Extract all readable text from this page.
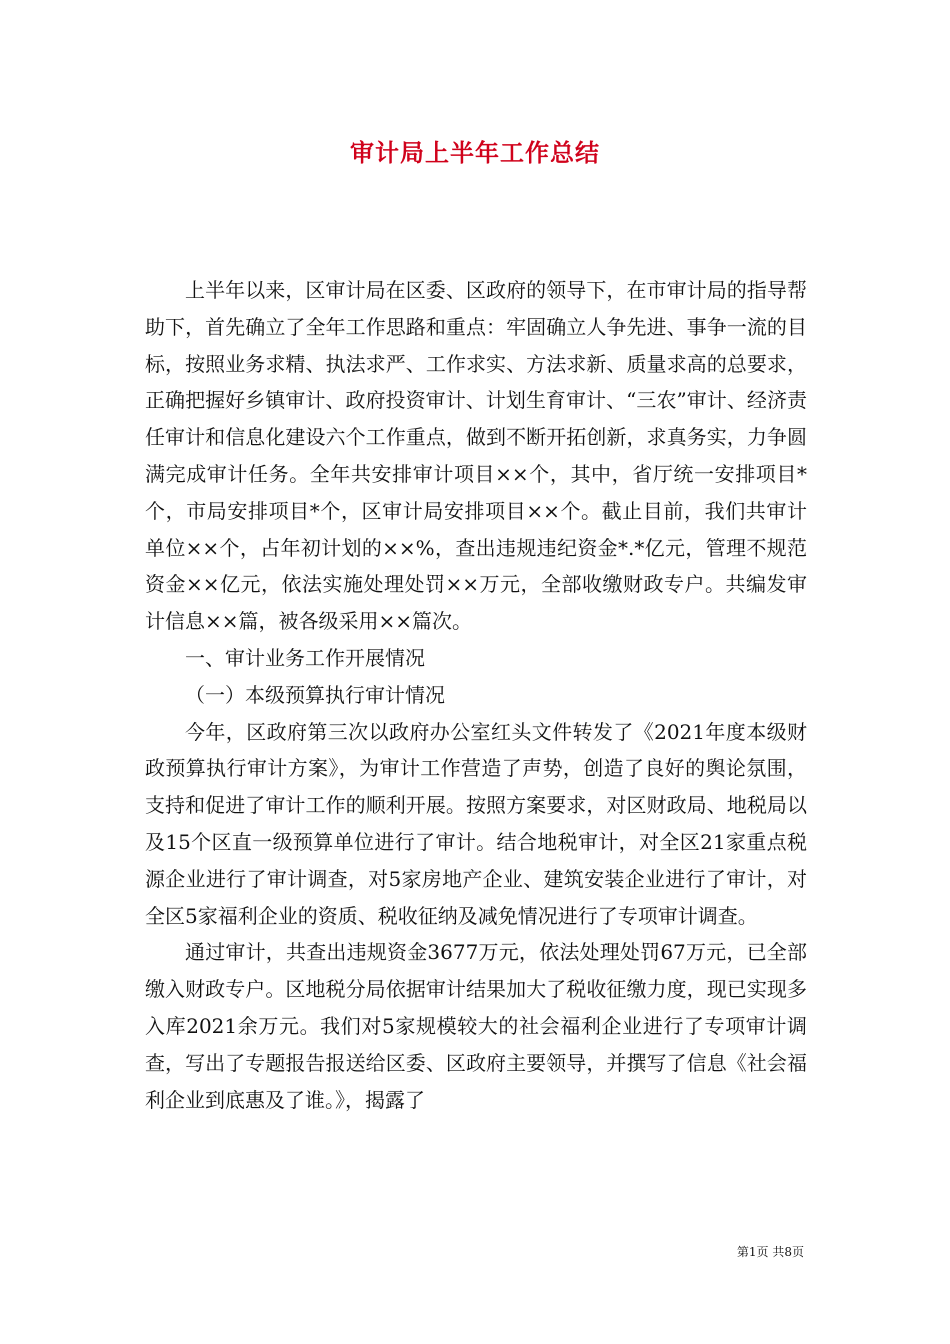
审计局上半年工作总结

上半年以来，区审计局在区委、区政府的领导下，在市审计局的指导帮助下，首先确立了全年工作思路和重点：牢固确立人争先进、事争一流的目标，按照业务求精、执法求严、工作求实、方法求新、质量求高的总要求，正确把握好乡镇审计、政府投资审计、计划生育审计、“三农”审计、经济责任审计和信息化建设六个工作重点，做到不断开拓创新，求真务实，力争圆满完成审计任务。全年共安排审计项目××个，其中，省厅统一安排项目*个，市局安排项目*个，区审计局安排项目××个。截止目前，我们共审计单位××个，占年初计划的××%，查出违规违纪资金*.*亿元，管理不规范资金××亿元，依法实施处理处罚××万元，全部收缴财政专户。共编发审计信息××篇，被各级采用××篇次。

一、审计业务工作开展情况

（一）本级预算执行审计情况

今年，区政府第三次以政府办公室红头文件转发了《2021年度本级财政预算执行审计方案》，为审计工作营造了声势，创造了良好的舆论氛围，支持和促进了审计工作的顺利开展。按照方案要求，对区财政局、地税局以及15个区直一级预算单位进行了审计。结合地税审计，对全区21家重点税源企业进行了审计调查，对5家房地产企业、建筑安装企业进行了审计，对全区5家福利企业的资质、税收征纳及减免情况进行了专项审计调查。

通过审计，共查出违规资金3677万元，依法处理处罚67万元，已全部缴入财政专户。区地税分局依据审计结果加大了税收征缴力度，现已实现多入库2021余万元。我们对5家规模较大的社会福利企业进行了专项审计调查，写出了专题报告报送给区委、区政府主要领导，并撰写了信息《社会福利企业到底惠及了谁。》，揭露了

第1页 共8页
